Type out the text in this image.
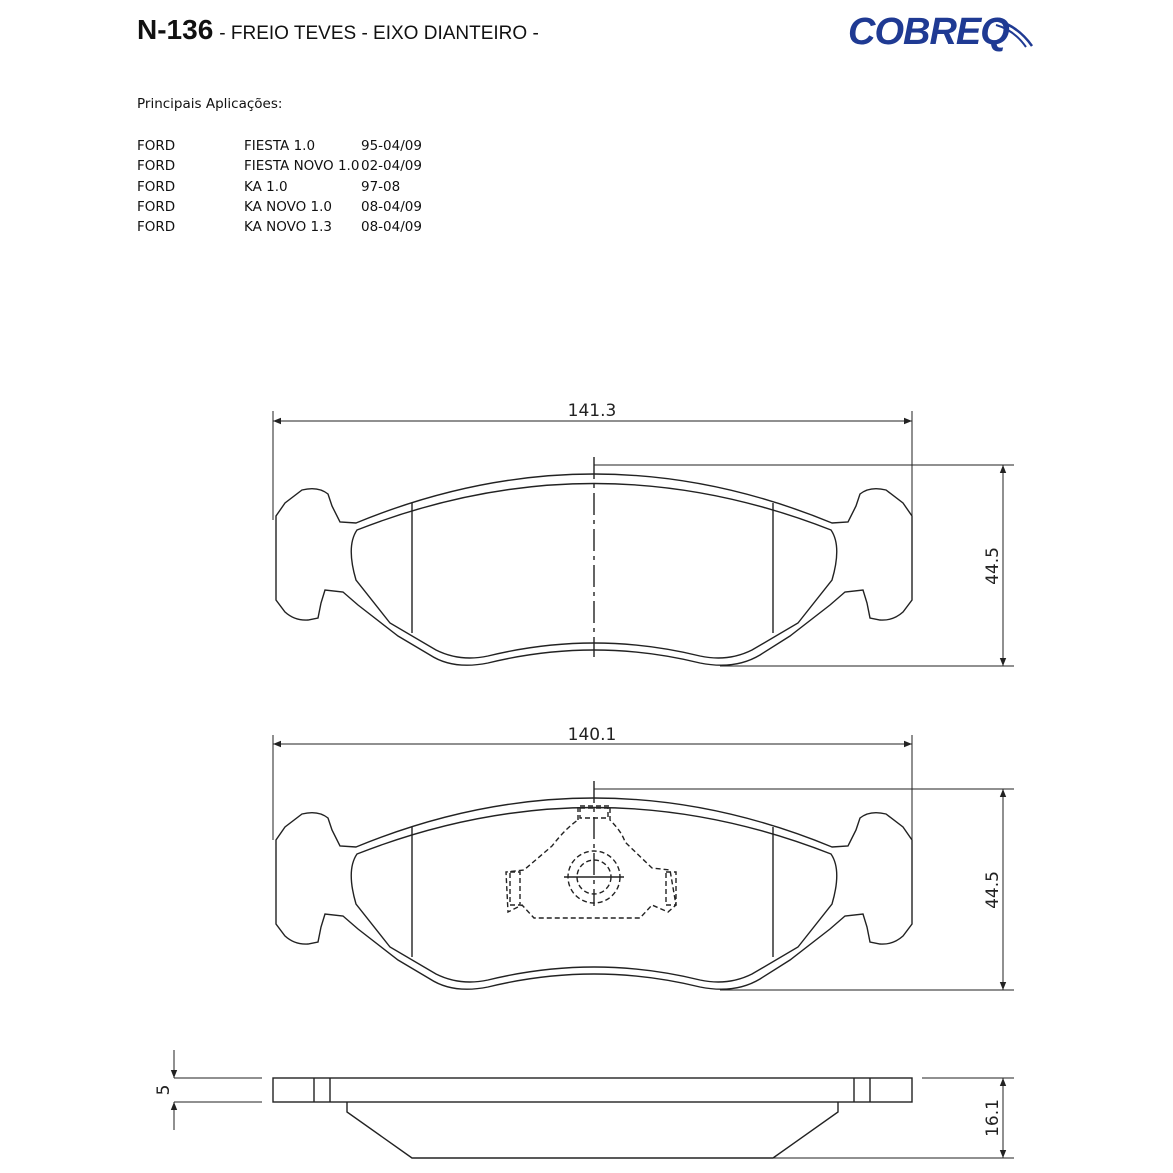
N-136 - FREIO TEVES - EIXO DIANTEIRO -	COBREQ
Principais Aplicações:
FORD	FIESTA 1.0	95-04/09
FORD	FIESTA NOVO 1.0	02-04/09
FORD	KA 1.0	97-08
FORD	KA NOVO 1.0	08-04/09
FORD	KA NOVO 1.3	08-04/09
141.3
44.5
140.1
44.5
5
16.1
